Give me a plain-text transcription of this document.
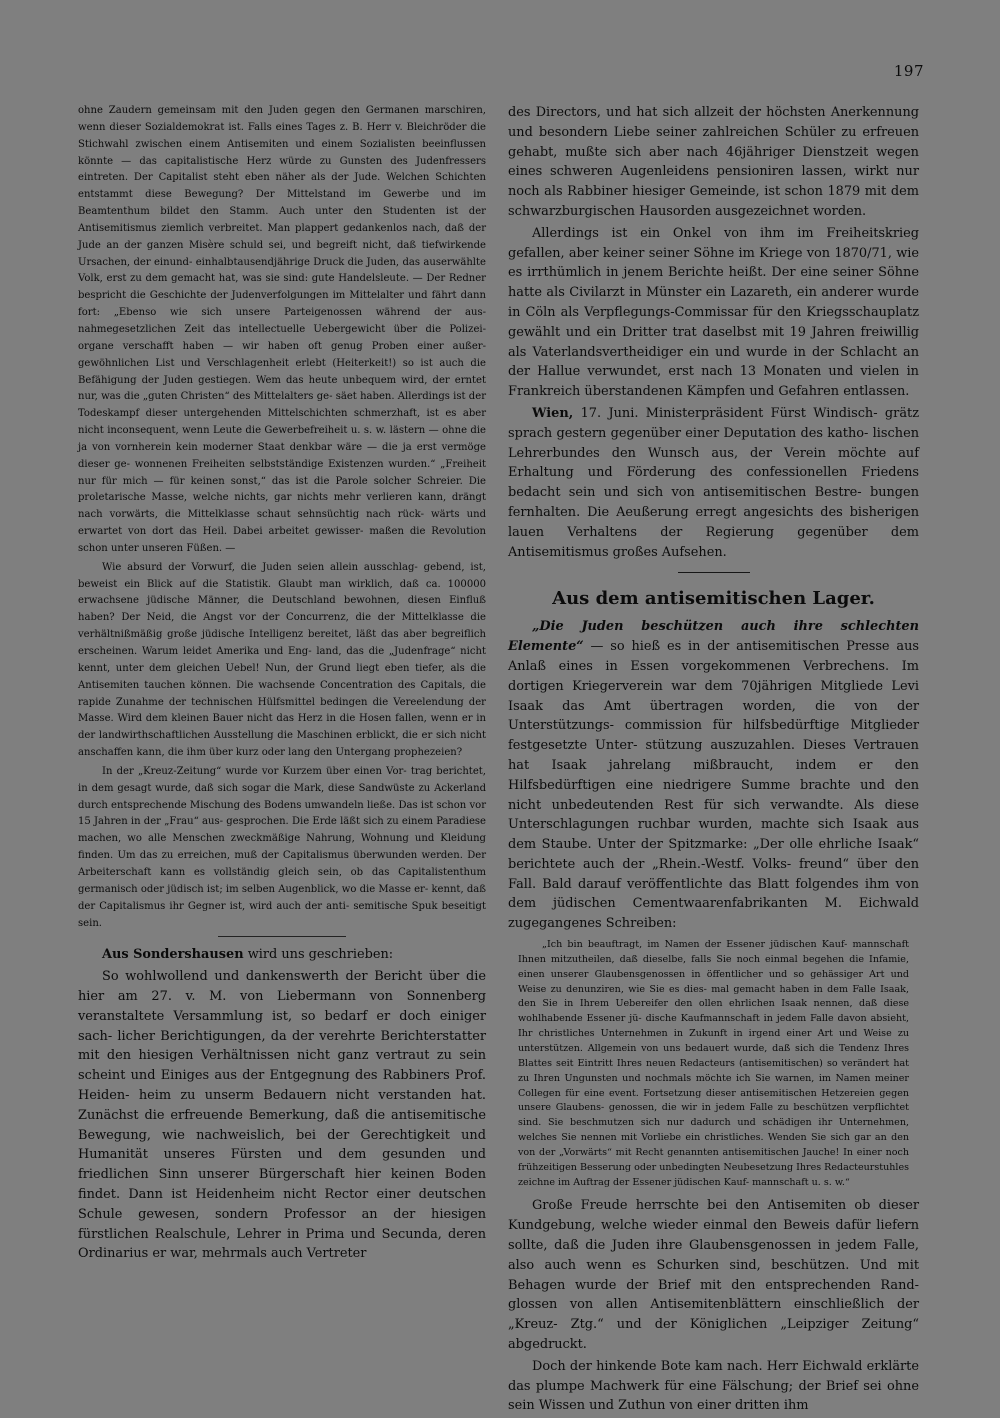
197

ohne Zaudern gemeinsam mit den Juden gegen den Germanen marschiren, wenn dieser Sozialdemokrat ist. Falls eines Tages z. B. Herr v. Bleichröder die Stichwahl zwischen einem Antisemiten und einem Sozialisten beeinflussen könnte — das capitalistische Herz würde zu Gunsten des Judenfressers eintreten. Der Capitalist steht eben näher als der Jude. Welchen Schichten entstammt diese Bewegung? Der Mittelstand im Gewerbe und im Beamtenthum bildet den Stamm. Auch unter den Studenten ist der Antisemitismus ziemlich verbreitet. Man plappert gedankenlos nach, daß der Jude an der ganzen Misère schuld sei, und begreift nicht, daß tiefwirkende Ursachen, der einund- einhalbtausendjährige Druck die Juden, das auserwählte Volk, erst zu dem gemacht hat, was sie sind: gute Handelsleute. — Der Redner bespricht die Geschichte der Judenverfolgungen im Mittelalter und fährt dann fort: „Ebenso wie sich unsere Parteigenossen während der aus- nahmegesetzlichen Zeit das intellectuelle Uebergewicht über die Polizei- organe verschafft haben — wir haben oft genug Proben einer außer- gewöhnlichen List und Verschlagenheit erlebt (Heiterkeit!) so ist auch die Befähigung der Juden gestiegen. Wem das heute unbequem wird, der erntet nur, was die „guten Christen“ des Mittelalters ge- säet haben. Allerdings ist der Todeskampf dieser untergehenden Mittelschichten schmerzhaft, ist es aber nicht inconsequent, wenn Leute die Gewerbefreiheit u. s. w. lästern — ohne die ja von vornherein kein moderner Staat denkbar wäre — die ja erst vermöge dieser ge- wonnenen Freiheiten selbstständige Existenzen wurden.“ „Freiheit nur für mich — für keinen sonst,“ das ist die Parole solcher Schreier. Die proletarische Masse, welche nichts, gar nichts mehr verlieren kann, drängt nach vorwärts, die Mittelklasse schaut sehnsüchtig nach rück- wärts und erwartet von dort das Heil. Dabei arbeitet gewisser- maßen die Revolution schon unter unseren Füßen. —

Wie absurd der Vorwurf, die Juden seien allein ausschlag- gebend, ist, beweist ein Blick auf die Statistik. Glaubt man wirklich, daß ca. 100000 erwachsene jüdische Männer, die Deutschland bewohnen, diesen Einfluß haben? Der Neid, die Angst vor der Concurrenz, die der Mittelklasse die verhältnißmäßig große jüdische Intelligenz bereitet, läßt das aber begreiflich erscheinen. Warum leidet Amerika und Eng- land, das die „Judenfrage“ nicht kennt, unter dem gleichen Uebel! Nun, der Grund liegt eben tiefer, als die Antisemiten tauchen können. Die wachsende Concentration des Capitals, die rapide Zunahme der technischen Hülfsmittel bedingen die Vereelendung der Masse. Wird dem kleinen Bauer nicht das Herz in die Hosen fallen, wenn er in der landwirthschaftlichen Ausstellung die Maschinen erblickt, die er sich nicht anschaffen kann, die ihm über kurz oder lang den Untergang prophezeien?

In der „Kreuz-Zeitung“ wurde vor Kurzem über einen Vor- trag berichtet, in dem gesagt wurde, daß sich sogar die Mark, diese Sandwüste zu Ackerland durch entsprechende Mischung des Bodens umwandeln ließe. Das ist schon vor 15 Jahren in der „Frau“ aus- gesprochen. Die Erde läßt sich zu einem Paradiese machen, wo alle Menschen zweckmäßige Nahrung, Wohnung und Kleidung finden. Um das zu erreichen, muß der Capitalismus überwunden werden. Der Arbeiterschaft kann es vollständig gleich sein, ob das Capitalistenthum germanisch oder jüdisch ist; im selben Augenblick, wo die Masse er- kennt, daß der Capitalismus ihr Gegner ist, wird auch der anti- semitische Spuk beseitigt sein.

Aus Sondershausen wird uns geschrieben:

So wohlwollend und dankenswerth der Bericht über die hier am 27. v. M. von Liebermann von Sonnenberg veranstaltete Versammlung ist, so bedarf er doch einiger sach- licher Berichtigungen, da der verehrte Berichterstatter mit den hiesigen Verhältnissen nicht ganz vertraut zu sein scheint und Einiges aus der Entgegnung des Rabbiners Prof. Heiden- heim zu unserm Bedauern nicht verstanden hat. Zunächst die erfreuende Bemerkung, daß die antisemitische Bewegung, wie nachweislich, bei der Gerechtigkeit und Humanität unseres Fürsten und dem gesunden und friedlichen Sinn unserer Bürgerschaft hier keinen Boden findet. Dann ist Heidenheim nicht Rector einer deutschen Schule gewesen, sondern Professor an der hiesigen fürstlichen Realschule, Lehrer in Prima und Secunda, deren Ordinarius er war, mehrmals auch Vertreter

des Directors, und hat sich allzeit der höchsten Anerkennung und besondern Liebe seiner zahlreichen Schüler zu erfreuen gehabt, mußte sich aber nach 46jähriger Dienstzeit wegen eines schweren Augenleidens pensioniren lassen, wirkt nur noch als Rabbiner hiesiger Gemeinde, ist schon 1879 mit dem schwarzburgischen Hausorden ausgezeichnet worden.

Allerdings ist ein Onkel von ihm im Freiheitskrieg gefallen, aber keiner seiner Söhne im Kriege von 1870/71, wie es irrthümlich in jenem Berichte heißt. Der eine seiner Söhne hatte als Civilarzt in Münster ein Lazareth, ein anderer wurde in Cöln als Verpflegungs-Commissar für den Kriegsschauplatz gewählt und ein Dritter trat daselbst mit 19 Jahren freiwillig als Vaterlandsvertheidiger ein und wurde in der Schlacht an der Hallue verwundet, erst nach 13 Monaten und vielen in Frankreich überstandenen Kämpfen und Gefahren entlassen.

Wien, 17. Juni. Ministerpräsident Fürst Windisch- grätz sprach gestern gegenüber einer Deputation des katho- lischen Lehrerbundes den Wunsch aus, der Verein möchte auf Erhaltung und Förderung des confessionellen Friedens bedacht sein und sich von antisemitischen Bestre- bungen fernhalten. Die Aeußerung erregt angesichts des bisherigen lauen Verhaltens der Regierung gegenüber dem Antisemitismus großes Aufsehen.

Aus dem antisemitischen Lager.

„Die Juden beschützen auch ihre schlechten Elemente“ — so hieß es in der antisemitischen Presse aus Anlaß eines in Essen vorgekommenen Verbrechens. Im dortigen Kriegerverein war dem 70jährigen Mitgliede Levi Isaak das Amt übertragen worden, die von der Unterstützungs- commission für hilfsbedürftige Mitglieder festgesetzte Unter- stützung auszuzahlen. Dieses Vertrauen hat Isaak jahrelang mißbraucht, indem er den Hilfsbedürftigen eine niedrigere Summe brachte und den nicht unbedeutenden Rest für sich verwandte. Als diese Unterschlagungen ruchbar wurden, machte sich Isaak aus dem Staube. Unter der Spitzmarke: „Der olle ehrliche Isaak“ berichtete auch der „Rhein.-Westf. Volks- freund“ über den Fall. Bald darauf veröffentlichte das Blatt folgendes ihm von dem jüdischen Cementwaarenfabrikanten M. Eichwald zugegangenes Schreiben:

„Ich bin beauftragt, im Namen der Essener jüdischen Kauf- mannschaft Ihnen mitzutheilen, daß dieselbe, falls Sie noch einmal begehen die Infamie, einen unserer Glaubensgenossen in öffentlicher und so gehässiger Art und Weise zu denunziren, wie Sie es dies- mal gemacht haben in dem Falle Isaak, den Sie in Ihrem Uebereifer den ollen ehrlichen Isaak nennen, daß diese wohlhabende Essener jü- dische Kaufmannschaft in jedem Falle davon absieht, Ihr christliches Unternehmen in Zukunft in irgend einer Art und Weise zu unterstützen. Allgemein von uns bedauert wurde, daß sich die Tendenz Ihres Blattes seit Eintritt Ihres neuen Redacteurs (antisemitischen) so verändert hat zu Ihren Ungunsten und nochmals möchte ich Sie warnen, im Namen meiner Collegen für eine event. Fortsetzung dieser antisemitischen Hetzereien gegen unsere Glaubens- genossen, die wir in jedem Falle zu beschützen verpflichtet sind. Sie beschmutzen sich nur dadurch und schädigen ihr Unternehmen, welches Sie nennen mit Vorliebe ein christliches. Wenden Sie sich gar an den von der „Vorwärts“ mit Recht genannten antisemitischen Jauche! In einer noch frühzeitigen Besserung oder unbedingten Neubesetzung Ihres Redacteurstuhles zeichne im Auftrag der Essener jüdischen Kauf- mannschaft u. s. w.“

Große Freude herrschte bei den Antisemiten ob dieser Kundgebung, welche wieder einmal den Beweis dafür liefern sollte, daß die Juden ihre Glaubensgenossen in jedem Falle, also auch wenn es Schurken sind, beschützen. Und mit Behagen wurde der Brief mit den entsprechenden Rand- glossen von allen Antisemitenblättern einschließlich der „Kreuz- Ztg.“ und der Königlichen „Leipziger Zeitung“ abgedruckt.

Doch der hinkende Bote kam nach. Herr Eichwald erklärte das plumpe Machwerk für eine Fälschung; der Brief sei ohne sein Wissen und Zuthun von einer dritten ihm
